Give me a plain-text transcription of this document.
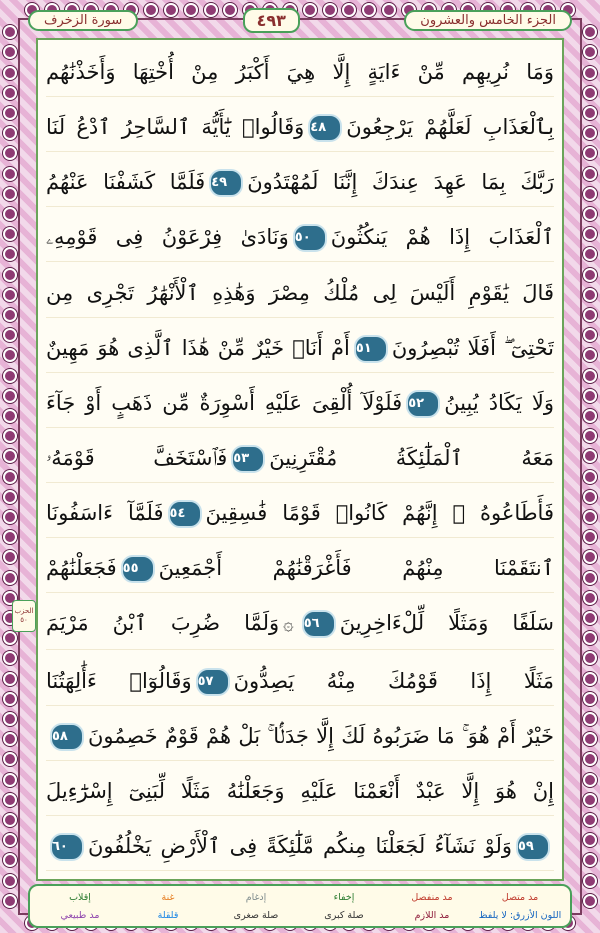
سورة الزخرف	٤٩٣	الجزء الخامس والعشرون
الحزب ٥٠
وَمَا نُرِيهِم مِّنْ ءَايَةٍ إِلَّا هِيَ أَكْبَرُ مِنْ أُخْتِهَا وَأَخَذْنَٰهُم
بِٱلْعَذَابِ لَعَلَّهُمْ يَرْجِعُونَ٤٨وَقَالُوا۟ يَٰٓأَيُّهَ ٱلسَّاحِرُ ٱدْعُ لَنَا
رَبَّكَ بِمَا عَهِدَ عِندَكَ إِنَّنَا لَمُهْتَدُونَ٤٩فَلَمَّا كَشَفْنَا عَنْهُمُ
ٱلْعَذَابَ إِذَا هُمْ يَنكُثُونَ٥٠وَنَادَىٰ فِرْعَوْنُ فِى قَوْمِهِۦ
قَالَ يَٰقَوْمِ أَلَيْسَ لِى مُلْكُ مِصْرَ وَهَٰذِهِ ٱلْأَنْهَٰرُ تَجْرِى مِن
تَحْتِىٓ ۖ أَفَلَا تُبْصِرُونَ٥١أَمْ أَنَا۠ خَيْرٌ مِّنْ هَٰذَا ٱلَّذِى هُوَ مَهِينٌ
وَلَا يَكَادُ يُبِينُ٥٢فَلَوْلَآ أُلْقِىَ عَلَيْهِ أَسْوِرَةٌ مِّن ذَهَبٍ أَوْ جَآءَ
مَعَهُ ٱلْمَلَٰٓئِكَةُ مُقْتَرِنِينَ٥٣فَٱسْتَخَفَّ قَوْمَهُۥ
فَأَطَاعُوهُ ۚ إِنَّهُمْ كَانُوا۟ قَوْمًا فَٰسِقِينَ٥٤فَلَمَّآ ءَاسَفُونَا
ٱنتَقَمْنَا مِنْهُمْ فَأَغْرَقْنَٰهُمْ أَجْمَعِينَ٥٥فَجَعَلْنَٰهُمْ
سَلَفًا وَمَثَلًا لِّلْءَاخِرِينَ٥٦۞وَلَمَّا ضُرِبَ ٱبْنُ مَرْيَمَ
مَثَلًا إِذَا قَوْمُكَ مِنْهُ يَصِدُّونَ٥٧وَقَالُوٓا۟ ءَأَٰلِهَتُنَا
خَيْرٌ أَمْ هُوَ ۚ مَا ضَرَبُوهُ لَكَ إِلَّا جَدَلًۢا ۚ بَلْ هُمْ قَوْمٌ خَصِمُونَ٥٨
إِنْ هُوَ إِلَّا عَبْدٌ أَنْعَمْنَا عَلَيْهِ وَجَعَلْنَٰهُ مَثَلًا لِّبَنِىٓ إِسْرَٰٓءِيلَ
٥٩وَلَوْ نَشَآءُ لَجَعَلْنَا مِنكُم مَّلَٰٓئِكَةً فِى ٱلْأَرْضِ يَخْلُفُونَ٦٠
مد متصل
مد منفصل
إخفاء
إدغام
غنة
إقلاب
اللون الأزرق: لا يلفظ
مد اللازم
صلة كبرى
صلة صغرى
قلقلة
مد طبيعي
